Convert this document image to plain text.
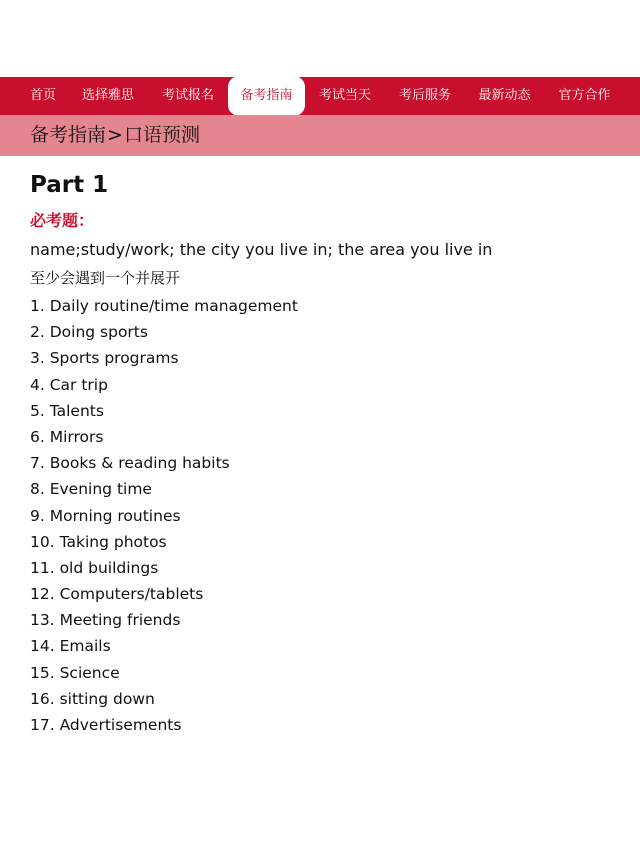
首页 选择雅思 考试报名	备考指南	考试当天 考后服务 最新动态 官方合作
备考指南>口语预测
Part 1
必考题：
name;study/work; the city you live in; the area you live in
至少会遇到一个并展开
1. Daily routine/time management
2. Doing sports
3. Sports programs
4. Car trip
5. Talents
6. Mirrors
7. Books & reading habits
8. Evening time
9. Morning routines
10. Taking photos
11. old buildings
12. Computers/tablets
13. Meeting friends
14. Emails
15. Science
16. sitting down
17. Advertisements
